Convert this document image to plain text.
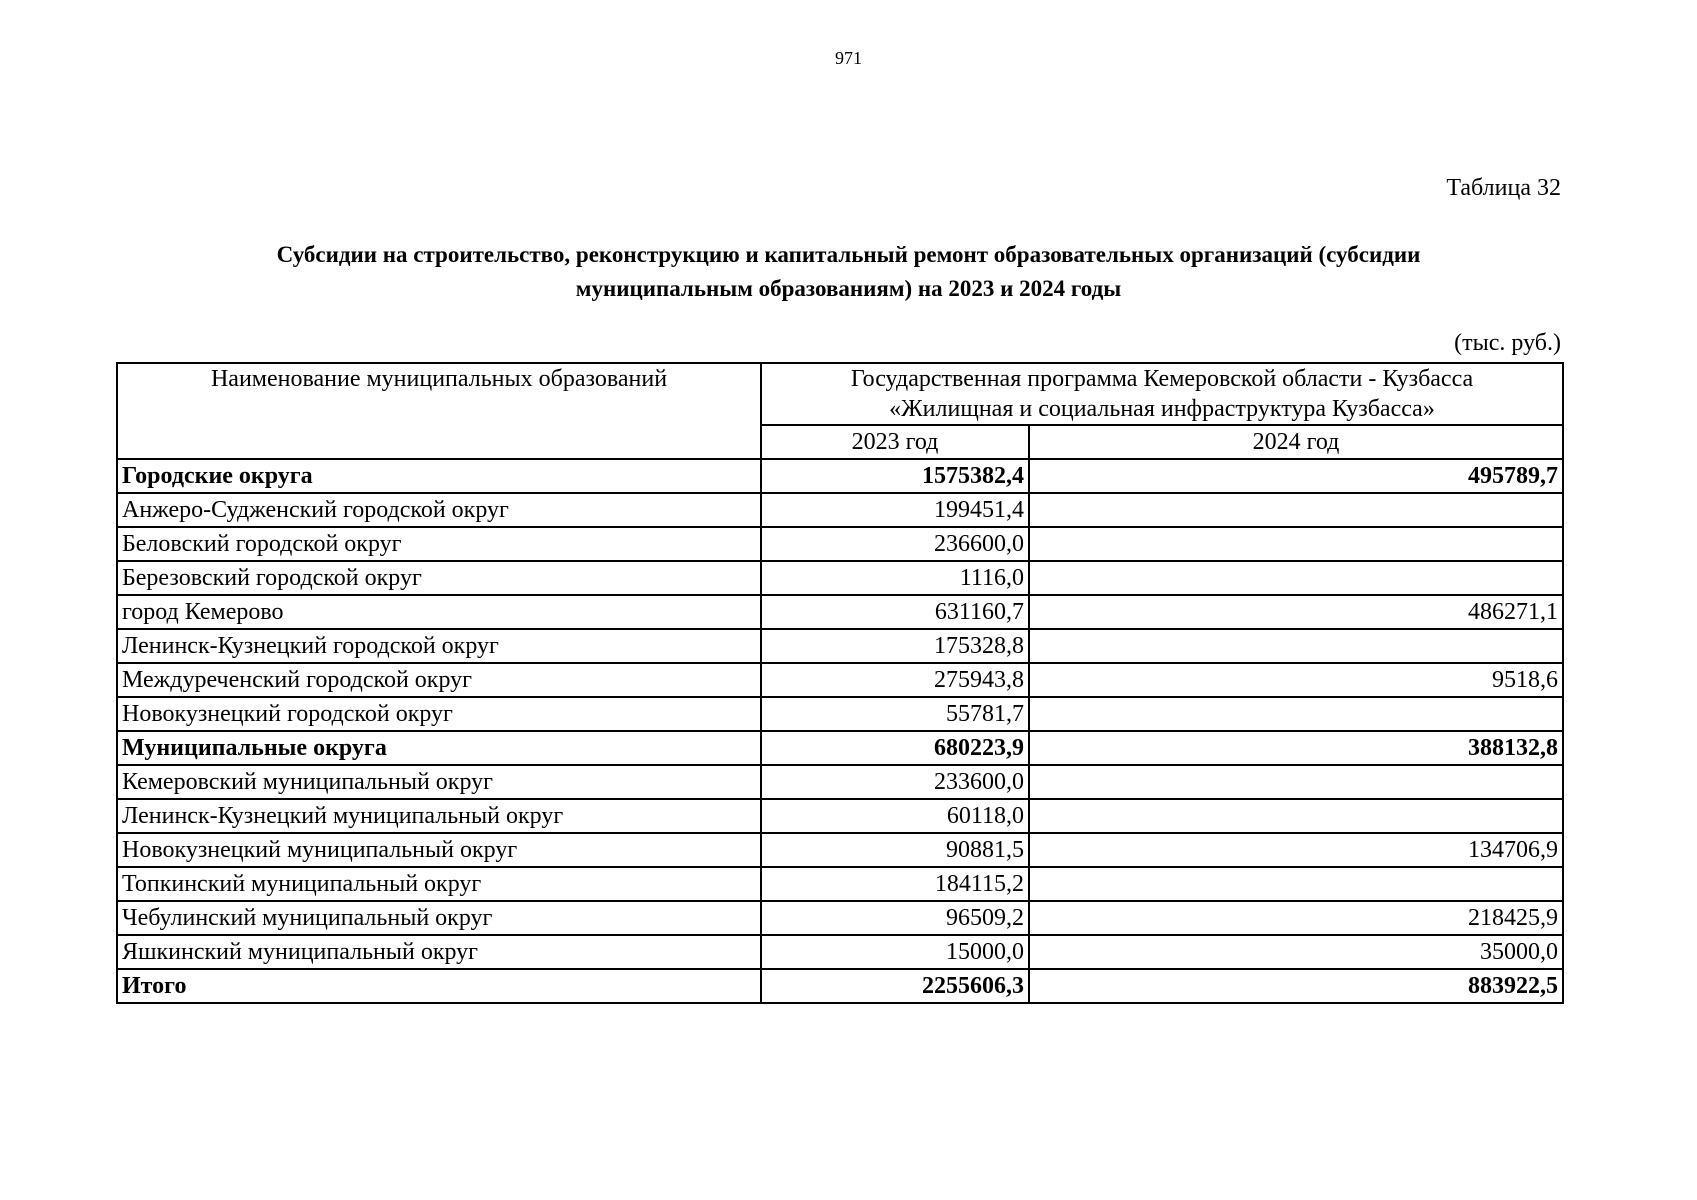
971
Таблица 32
Субсидии на строительство, реконструкцию и капитальный ремонт образовательных организаций (субсидии
муниципальным образованиям) на 2023 и 2024 годы
(тыс. руб.)
Наименование муниципальных образований	Государственная программа Кемеровской области - Кузбасса
«Жилищная и социальная инфраструктура Кузбасса»	

	2023 год	2024 год
Городские округа	1575382,4	495789,7
Анжеро-Судженский городской округ	199451,4	
Беловский городской округ	236600,0	
Березовский городской округ	1116,0	
город Кемерово	631160,7	486271,1
Ленинск-Кузнецкий городской округ	175328,8	
Междуреченский городской округ	275943,8	9518,6
Новокузнецкий городской округ	55781,7	
Муниципальные округа	680223,9	388132,8
Кемеровский муниципальный округ	233600,0	
Ленинск-Кузнецкий муниципальный округ	60118,0	
Новокузнецкий муниципальный округ	90881,5	134706,9
Топкинский муниципальный округ	184115,2	
Чебулинский муниципальный округ	96509,2	218425,9
Яшкинский муниципальный округ	15000,0	35000,0
Итого	2255606,3	883922,5
